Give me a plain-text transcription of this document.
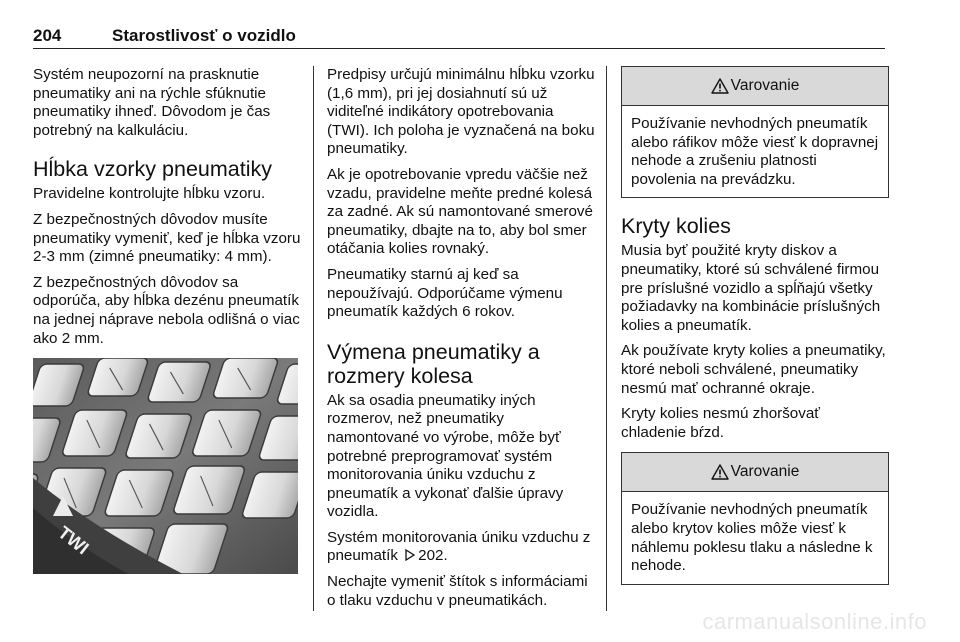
204	Starostlivosť o vozidlo

Systém neupozorní na prasknutie pneumatiky ani na rýchle sfúknutie pneumatiky ihneď. Dôvodom je čas potrebný na kalkuláciu.

Hĺbka vzorky pneumatiky

Pravidelne kontrolujte hĺbku vzoru.

Z bezpečnostných dôvodov musíte pneumatiky vymeniť, keď je hĺbka vzoru 2-3 mm (zimné pneumatiky: 4 mm).

Z bezpečnostných dôvodov sa odporúča, aby hĺbka dezénu pneumatík na jednej náprave nebola odlišná o viac ako 2 mm.

TWI

Predpisy určujú minimálnu hĺbku vzorku (1,6 mm), pri jej dosiahnutí sú už viditeľné indikátory opotrebovania (TWI). Ich poloha je vyznačená na boku pneumatiky.

Ak je opotrebovanie vpredu väčšie než vzadu, pravidelne meňte predné kolesá za zadné. Ak sú namontované smerové pneumatiky, dbajte na to, aby bol smer otáčania kolies rovnaký.

Pneumatiky starnú aj keď sa nepoužívajú. Odporúčame výmenu pneumatík každých 6 rokov.

Výmena pneumatiky a rozmery kolesa

Ak sa osadia pneumatiky iných rozmerov, než pneumatiky namontované vo výrobe, môže byť potrebné preprogramovať systém monitorovania úniku vzduchu z pneumatík a vykonať ďalšie úpravy vozidla.

Systém monitorovania úniku vzduchu z pneumatík 202.

Nechajte vymeniť štítok s informáciami o tlaku vzduchu v pneumatikách.

Varovanie

Používanie nevhodných pneumatík alebo ráfikov môže viesť k dopravnej nehode a zrušeniu platnosti povolenia na prevádzku.

Kryty kolies

Musia byť použité kryty diskov a pneumatiky, ktoré sú schválené firmou pre príslušné vozidlo a spĺňajú všetky požiadavky na kombinácie príslušných kolies a pneumatík.

Ak používate kryty kolies a pneumatiky, ktoré neboli schválené, pneumatiky nesmú mať ochranné okraje.

Kryty kolies nesmú zhoršovať chladenie bŕzd.

Varovanie

Používanie nevhodných pneumatík alebo krytov kolies môže viesť k náhlemu poklesu tlaku a následne k nehode.

carmanualsonline.info
